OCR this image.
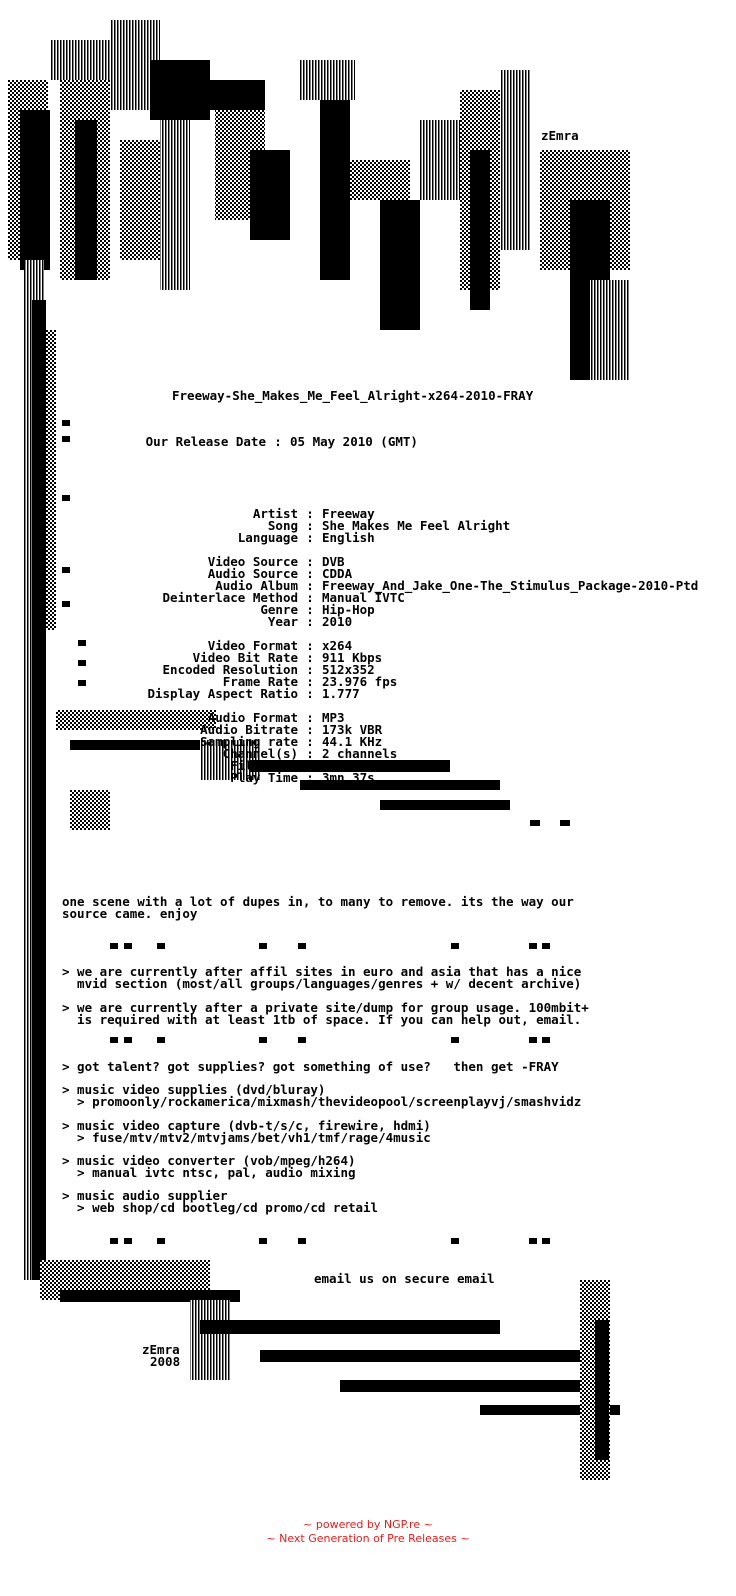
zEmra
Freeway-She_Makes_Me_Feel_Alright-x264-2010-FRAY

Our Release Date : 05 May 2010 (GMT)

Artist : Freeway
Song : She Makes Me Feel Alright
Language : English
Video Source : DVB
Audio Source : CDDA
Audio Album : Freeway_And_Jake_One-The_Stimulus_Package-2010-Ptd
Deinterlace Method : Manual IVTC
Genre : Hip-Hop
Year : 2010
Video Format : x264
Video Bit Rate : 911 Kbps
Encoded Resolution : 512x352
Frame Rate : 23.976 fps
Display Aspect Ratio : 1.777
Audio Format : MP3
Audio Bitrate : 173k VBR
Sampling rate : 44.1 KHz
Channel(s) : 2 channels
File Size : 28.21Mb
Play Time : 3mn 37s

one scene with a lot of dupes in, to many to remove. its the way our
source came. enjoy
> we are currently after affil sites in euro and asia that has a nice
mvid section (most/all groups/languages/genres + w/ decent archive)
> we are currently after a private site/dump for group usage. 100mbit+
is required with at least 1tb of space. If you can help out, email.
> got talent? got supplies? got something of use?   then get -FRAY
> music video supplies (dvd/bluray)
> promoonly/rockamerica/mixmash/thevideopool/screenplayvj/smashvidz
> music video capture (dvb-t/s/c, firewire, hdmi)
> fuse/mtv/mtv2/mtvjams/bet/vh1/tmf/rage/4music
> music video converter (vob/mpeg/h264)
> manual ivtc ntsc, pal, audio mixing
> music audio supplier
> web shop/cd bootleg/cd promo/cd retail
email us on secure email
zEmra
2008
~ powered by NGP.re ~
~ Next Generation of Pre Releases ~
